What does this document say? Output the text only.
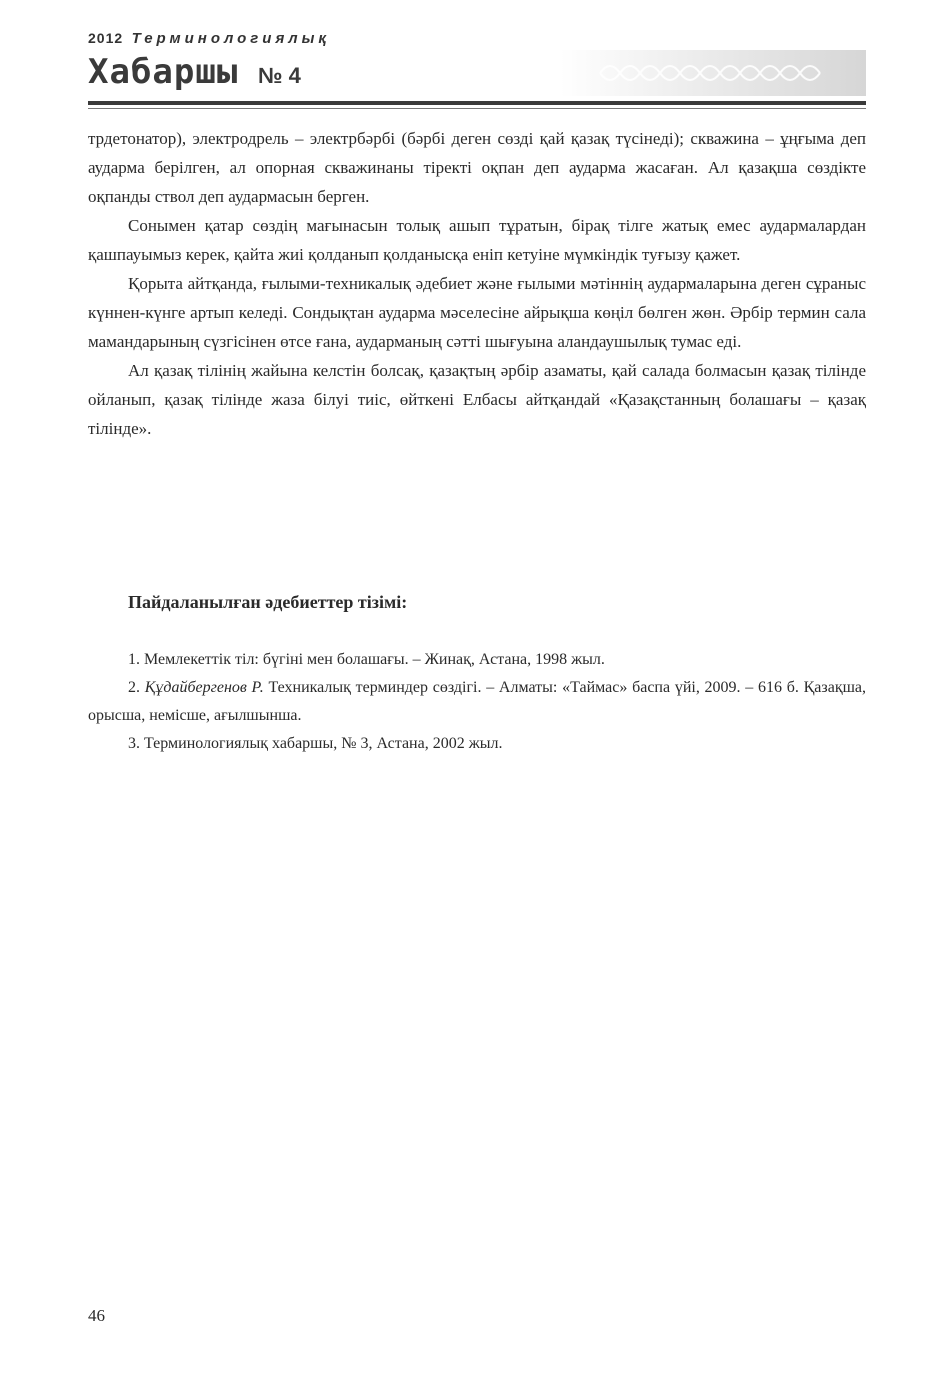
2012 Терминологиялық
Хабаршы № 4

трдетонатор), электродрель – электрбәрбі (бәрбі деген сөзді қай қазақ түсінеді); скважина – ұңғыма деп аударма берілген, ал опорная скважинаны тіректі оқпан деп аударма жасаған. Ал қазақша сөздікте оқпанды ствол деп аудармасын берген.

Сонымен қатар сөздің мағынасын толық ашып тұратын, бірақ тілге жатық емес аудармалардан қашпауымыз керек, қайта жиі қолданып қолданысқа еніп кетуіне мүмкіндік туғызу қажет.

Қорыта айтқанда, ғылыми-техникалық әдебиет және ғылыми мәтіннің аудармаларына деген сұраныс күннен-күнге артып келеді. Сондықтан аударма мәселесіне айрықша көңіл бөлген жөн. Әрбір термин сала мамандарының сүзгісінен өтсе ғана, аударманың сәтті шығуына аландаушылық тумас еді.

Ал қазақ тілінің жайына келстін болсақ, қазақтың әрбір азаматы, қай салада болмасын қазақ тілінде ойланып, қазақ тілінде жаза білуі тиіс, өйткені Елбасы айтқандай «Қазақстанның болашағы – қазақ тілінде».

Пайдаланылған әдебиеттер тізімі:

1. Мемлекеттік тіл: бүгіні мен болашағы. – Жинақ, Астана, 1998 жыл.

2. Құдайбергенов Р. Техникалық терминдер сөздігі. – Алматы: «Таймас» баспа үйі, 2009. – 616 б. Қазақша, орысша, немісше, ағылшынша.

3. Терминологиялық хабаршы, № 3, Астана, 2002 жыл.

46
